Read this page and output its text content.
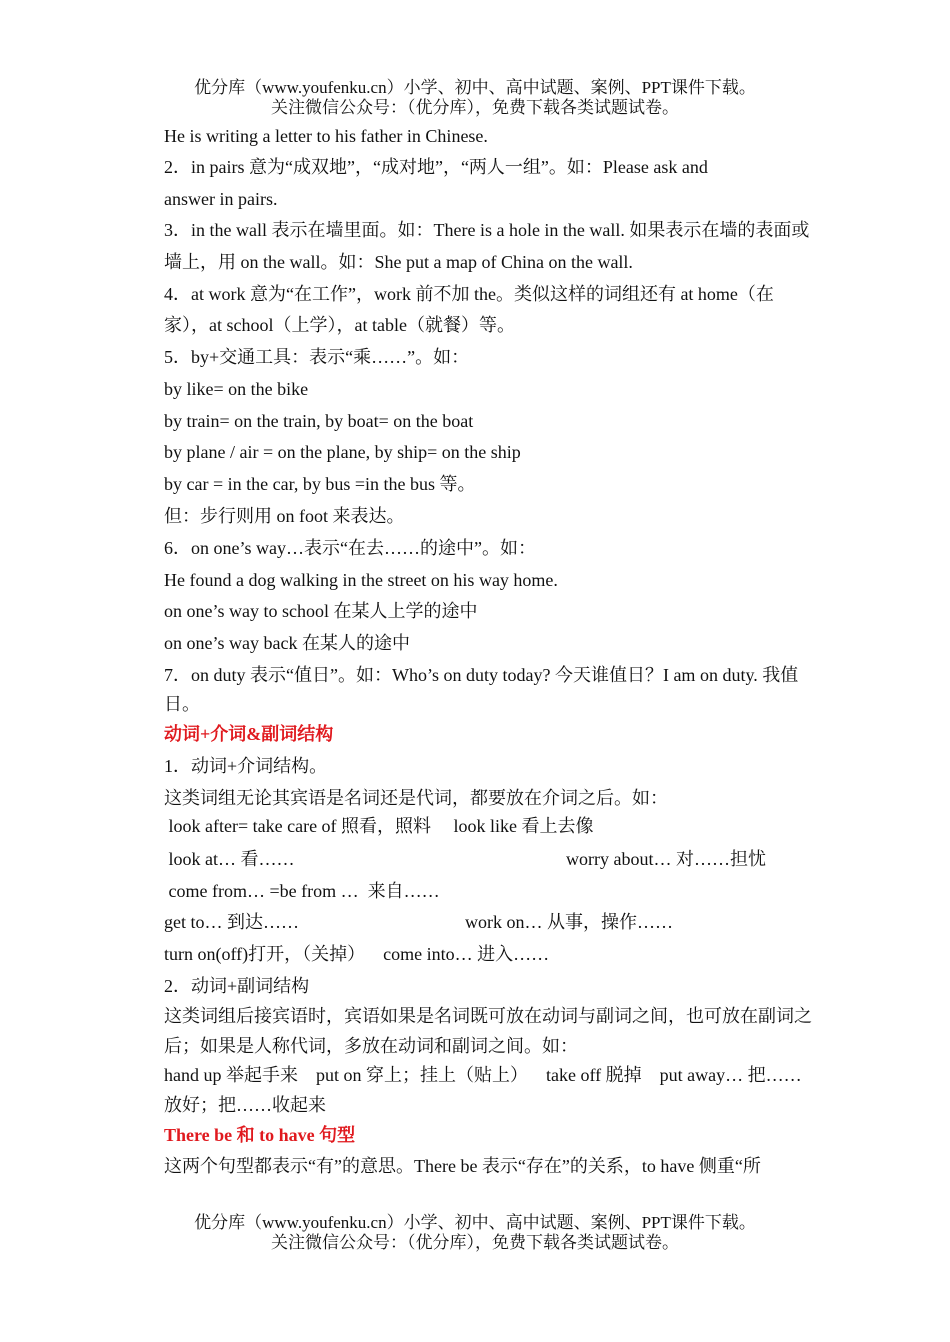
优分库（www.youfenku.cn）小学、初中、高中试题、案例、PPT课件下载。
关注微信公众号：（优分库），免费下载各类试题试卷。
He is writing a letter to his father in Chinese.
2．in pairs 意为“成双地”，“成对地”，“两人一组”。如：Please ask and
answer in pairs.
3．in the wall 表示在墙里面。如：There is a hole in the wall. 如果表示在墙的表面或
墙上，用 on the wall。如：She put a map of China on the wall.
4．at work 意为“在工作”，work 前不加 the。类似这样的词组还有 at home（在
家），at school（上学），at table（就餐）等。
5．by+交通工具：表示“乘……”。如：
by like= on the bike
by train= on the train, by boat= on the boat
by plane / air = on the plane, by ship= on the ship
by car = in the car, by bus =in the bus 等。
但：步行则用 on foot 来表达。
6．on one’s way…表示“在去……的途中”。如：
He found a dog walking in the street on his way home.
on one’s way to school 在某人上学的途中
on one’s way back 在某人的途中
7．on duty 表示“值日”。如：Who’s on duty today? 今天谁值日？I am on duty. 我值
日。
动词+介词&副词结构
1．动词+介词结构。
这类词组无论其宾语是名词还是代词，都要放在介词之后。如：
look after= take care of 照看，照料     look like 看上去像
look at… 看……	worry about… 对……担忧
come from… =be from …  来自……
get to… 到达……	work on… 从事，操作……
turn on(off)打开，（关掉）    come into… 进入……
2．动词+副词结构
这类词组后接宾语时，宾语如果是名词既可放在动词与副词之间，也可放在副词之
后；如果是人称代词，多放在动词和副词之间。如：
hand up 举起手来    put on 穿上；挂上（贴上）    take off 脱掉    put away… 把……
放好；把……收起来
There be 和 to have 句型
这两个句型都表示“有”的意思。There be 表示“存在”的关系，to have 侧重“所
优分库（www.youfenku.cn）小学、初中、高中试题、案例、PPT课件下载。
关注微信公众号：（优分库），免费下载各类试题试卷。
